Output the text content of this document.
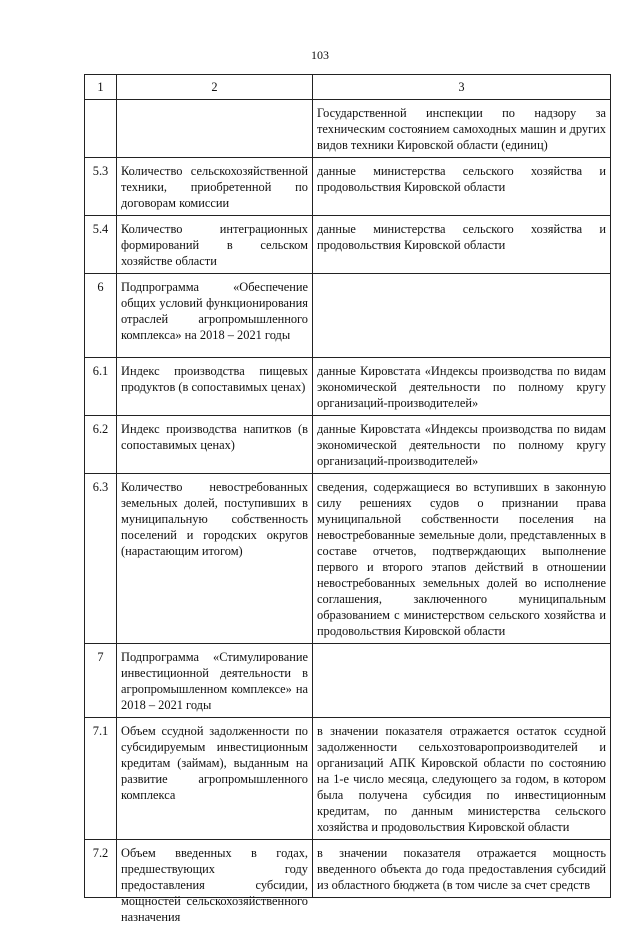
103
1	2	3
		Государственной инспекции по надзору за техническим состоянием самоходных машин и других видов техники Кировской области (единиц)
5.3	Количество сельскохозяйственной техники, приобретенной по договорам комиссии	данные министерства сельского хозяйства и продовольствия Кировской области
5.4	Количество интеграционных формирований в сельском хозяйстве области	данные министерства сельского хозяйства и продовольствия Кировской области
6	Подпрограмма «Обеспечение общих условий функционирования отраслей агропромышленного комплекса» на 2018 – 2021 годы	
6.1	Индекс производства пищевых продуктов (в сопоставимых ценах)	данные Кировстата «Индексы производства по видам экономической деятельности по полному кругу организаций-производителей»
6.2	Индекс производства напитков (в сопоставимых ценах)	данные Кировстата «Индексы производства по видам экономической деятельности по полному кругу организаций-производителей»
6.3	Количество невостребованных земельных долей, поступивших в муниципальную собственность поселений и городских округов (нарастающим итогом)	сведения, содержащиеся во вступивших в законную силу решениях судов о признании права муниципальной собственности поселения на невостребованные земельные доли, представленных в составе отчетов, подтверждающих выполнение первого и второго этапов действий в отношении невостребованных земельных долей во исполнение соглашения, заключенного муниципальным образованием с министерством сельского хозяйства и продовольствия Кировской области
7	Подпрограмма «Стимулирование инвестиционной деятельности в агропромышленном комплексе» на 2018 – 2021 годы	
7.1	Объем ссудной задолженности по субсидируемым инвестиционным кредитам (займам), выданным на развитие агропромышленного комплекса	в значении показателя отражается остаток ссудной задолженности сельхозтоваропроизводителей и организаций АПК Кировской области по состоянию на 1-е число месяца, следующего за годом, в котором была получена субсидия по инвестиционным кредитам, по данным министерства сельского хозяйства и продовольствия Кировской области
7.2	Объем введенных в годах, предшествующих году предоставления субсидии, мощностей сельскохозяйственного назначения	в значении показателя отражается мощность введенного объекта до года предоставления субсидий из областного бюджета (в том числе за счет средств
